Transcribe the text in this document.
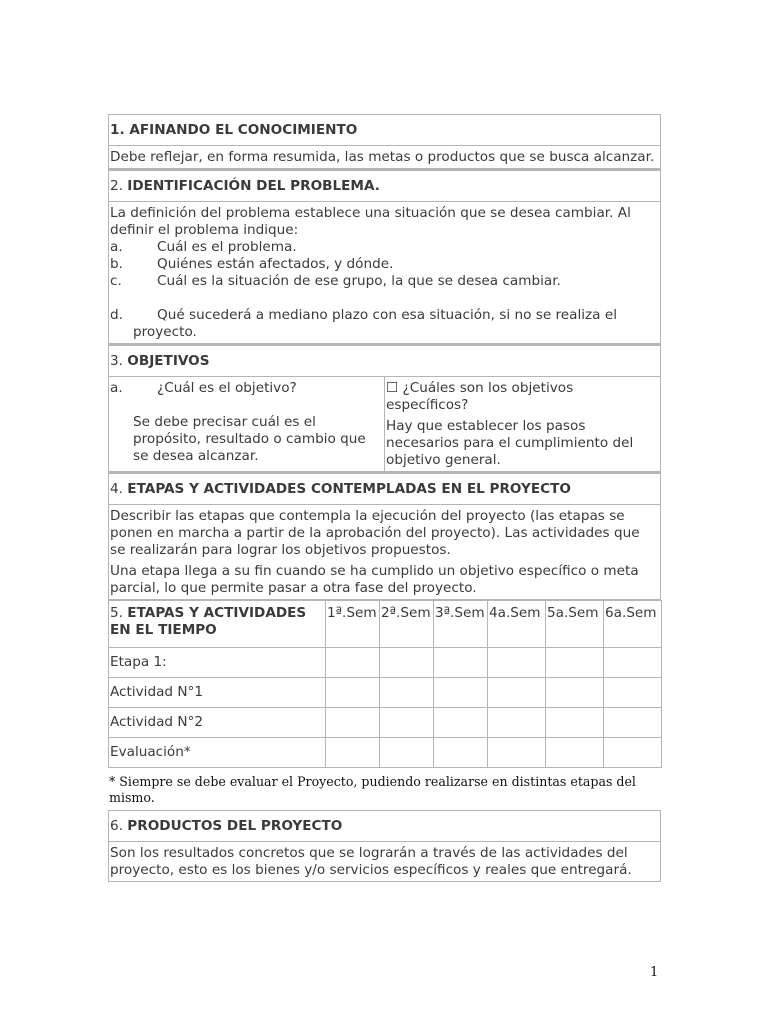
1. AFINANDO EL CONOCIMIENTO
Debe reflejar, en forma resumida, las metas o productos que se busca alcanzar.
2. IDENTIFICACIÓN DEL PROBLEMA.

La definición del problema establece una situación que se desea cambiar. Al definir el problema indique:

a.	Cuál es el problema.
b.	Quiénes están afectados, y dónde.
c.	Cuál es la situación de ese grupo, la que se desea cambiar.
d.	Qué sucederá a mediano plazo con esa situación, si no se realiza el
proyecto.
3. OBJETIVOS
a.	¿Cuál es el objetivo?
Se debe precisar cuál es el propósito, resultado o cambio que se desea alcanzar.

☐ ¿Cuáles son los objetivos específicos?

Hay que establecer los pasos necesarios para el cumplimiento del objetivo general.

4. ETAPAS Y ACTIVIDADES CONTEMPLADAS EN EL PROYECTO

Describir las etapas que contempla la ejecución del proyecto (las etapas se ponen en marcha a partir de la aprobación del proyecto). Las actividades que se realizarán para lograr los objetivos propuestos.

Una etapa llega a su fin cuando se ha cumplido un objetivo específico o meta parcial, lo que permite pasar a otra fase del proyecto.

5. ETAPAS Y ACTIVIDADES EN EL TIEMPO	1ª.Sem	2ª.Sem	3ª.Sem	4a.Sem	5a.Sem	6a.Sem
Etapa 1:						
Actividad N°1						
Actividad N°2						
Evaluación*						
* Siempre se debe evaluar el Proyecto, pudiendo realizarse en distintas etapas del mismo.
6. PRODUCTOS DEL PROYECTO
Son los resultados concretos que se lograrán a través de las actividades del proyecto, esto es los bienes y/o servicios específicos y reales que entregará.
1
